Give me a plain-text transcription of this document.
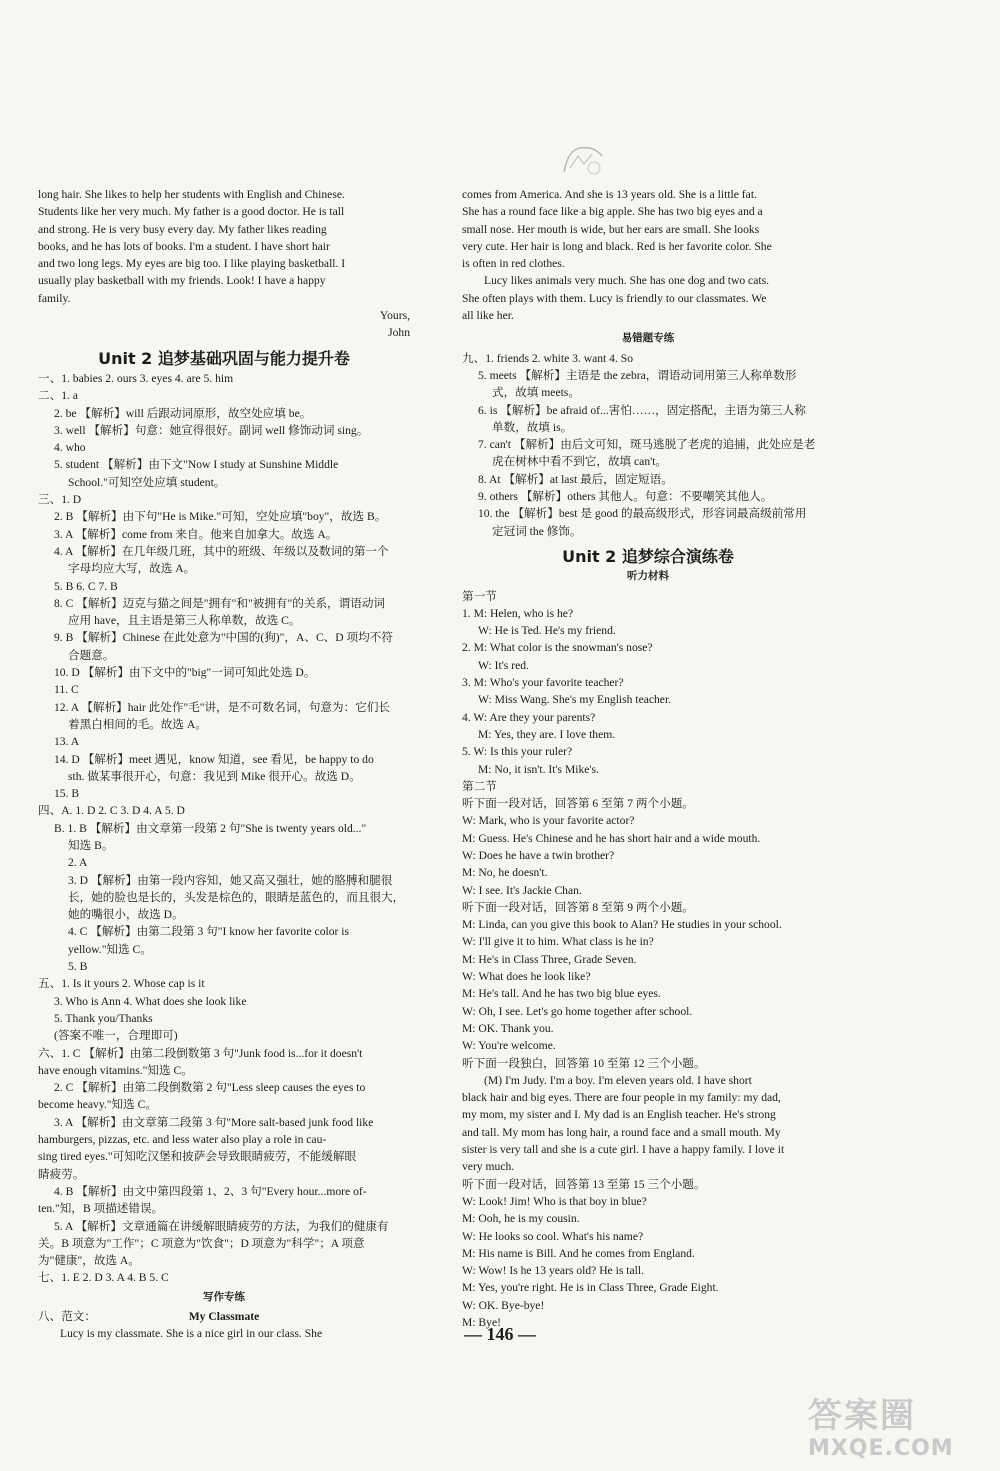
long hair. She likes to help her students with English and Chinese.
Students like her very much. My father is a good doctor. He is tall
and strong. He is very busy every day. My father likes reading
books, and he has lots of books. I'm a student. I have short hair
and two long legs. My eyes are big too. I like playing basketball. I
usually play basketball with my friends. Look! I have a happy
family.
Yours,
John
Unit 2 追梦基础巩固与能力提升卷
一、1. babies 2. ours 3. eyes 4. are 5. him
二、1. a
2. be 【解析】will 后跟动词原形，故空处应填 be。
3. well 【解析】句意：她宣得很好。副词 well 修饰动词 sing。
4. who
5. student 【解析】由下文"Now I study at Sunshine Middle
School."可知空处应填 student。
三、1. D
2. B 【解析】由下句"He is Mike."可知，空处应填"boy"，故选 B。
3. A 【解析】come from 来自。他来自加拿大。故选 A。
4. A 【解析】在几年级几班，其中的班级、年级以及数词的第一个
字母均应大写，故选 A。
5. B 6. C 7. B
8. C 【解析】迈克与猫之间是"拥有"和"被拥有"的关系，谓语动词
应用 have，且主语是第三人称单数，故选 C。
9. B 【解析】Chinese 在此处意为"中国的(狗)"，A、C、D 项均不符
合题意。
10. D 【解析】由下文中的"big"一词可知此处选 D。
11. C
12. A 【解析】hair 此处作"毛"讲，是不可数名词，句意为：它们长
着黑白相间的毛。故选 A。
13. A
14. D 【解析】meet 遇见，know 知道，see 看见，be happy to do
sth. 做某事很开心，句意：我见到 Mike 很开心。故选 D。
15. B
四、A. 1. D 2. C 3. D 4. A 5. D
B. 1. B 【解析】由文章第一段第 2 句"She is twenty years old..."
知选 B。
2. A
3. D 【解析】由第一段内容知，她又高又强壮，她的胳膊和腿很
长，她的脸也是长的，头发是棕色的，眼睛是蓝色的，而且很大，
她的嘴很小，故选 D。
4. C 【解析】由第二段第 3 句"I know her favorite color is
yellow."知选 C。
5. B
五、1. Is it yours 2. Whose cap is it
3. Who is Ann 4. What does she look like
5. Thank you/Thanks
(答案不唯一，合理即可)
六、1. C 【解析】由第二段倒数第 3 句"Junk food is...for it doesn't
have enough vitamins."知选 C。
2. C 【解析】由第二段倒数第 2 句"Less sleep causes the eyes to
become heavy."知选 C。
3. A 【解析】由文章第二段第 3 句"More salt-based junk food like
hamburgers, pizzas, etc. and less water also play a role in cau-
sing tired eyes."可知吃汉堡和披萨会导致眼睛疲劳，不能缓解眼
睛疲劳。
4. B 【解析】由文中第四段第 1、2、3 句"Every hour...more of-
ten."知，B 项描述错误。
5. A 【解析】文章通篇在讲缓解眼睛疲劳的方法，为我们的健康有
关。B 项意为"工作"；C 项意为"饮食"；D 项意为"科学"；A 项意
为"健康"，故选 A。
七、1. E 2. D 3. A 4. B 5. C
写作专练
八、范文：	My Classmate
Lucy is my classmate. She is a nice girl in our class. She
comes from America. And she is 13 years old. She is a little fat.
She has a round face like a big apple. She has two big eyes and a
small nose. Her mouth is wide, but her ears are small. She looks
very cute. Her hair is long and black. Red is her favorite color. She
is often in red clothes.
Lucy likes animals very much. She has one dog and two cats.
She often plays with them. Lucy is friendly to our classmates. We
all like her.
易错题专练
九、1. friends 2. white 3. want 4. So
5. meets 【解析】主语是 the zebra，谓语动词用第三人称单数形
式，故填 meets。
6. is 【解析】be afraid of...害怕……，固定搭配，主语为第三人称
单数，故填 is。
7. can't 【解析】由后文可知，斑马逃脱了老虎的追捕，此处应是老
虎在树林中看不到它，故填 can't。
8. At 【解析】at last 最后，固定短语。
9. others 【解析】others 其他人。句意：不要嘲笑其他人。
10. the 【解析】best 是 good 的最高级形式，形容词最高级前常用
定冠词 the 修饰。
Unit 2 追梦综合演练卷
听力材料
第一节
1. M: Helen, who is he?
W: He is Ted. He's my friend.
2. M: What color is the snowman's nose?
W: It's red.
3. M: Who's your favorite teacher?
W: Miss Wang. She's my English teacher.
4. W: Are they your parents?
M: Yes, they are. I love them.
5. W: Is this your ruler?
M: No, it isn't. It's Mike's.
第二节
听下面一段对话，回答第 6 至第 7 两个小题。
W: Mark, who is your favorite actor?
M: Guess. He's Chinese and he has short hair and a wide mouth.
W: Does he have a twin brother?
M: No, he doesn't.
W: I see. It's Jackie Chan.
听下面一段对话，回答第 8 至第 9 两个小题。
M: Linda, can you give this book to Alan? He studies in your school.
W: I'll give it to him. What class is he in?
M: He's in Class Three, Grade Seven.
W: What does he look like?
M: He's tall. And he has two big blue eyes.
W: Oh, I see. Let's go home together after school.
M: OK. Thank you.
W: You're welcome.
听下面一段独白，回答第 10 至第 12 三个小题。
(M) I'm Judy. I'm a boy. I'm eleven years old. I have short
black hair and big eyes. There are four people in my family: my dad,
my mom, my sister and I. My dad is an English teacher. He's strong
and tall. My mom has long hair, a round face and a small mouth. My
sister is very tall and she is a cute girl. I have a happy family. I love it
very much.
听下面一段对话，回答第 13 至第 15 三个小题。
W: Look! Jim! Who is that boy in blue?
M: Ooh, he is my cousin.
W: He looks so cool. What's his name?
M: His name is Bill. And he comes from England.
W: Wow! Is he 13 years old? He is tall.
M: Yes, you're right. He is in Class Three, Grade Eight.
W: OK. Bye-bye!
M: Bye!
— 146 —
答案圈
MXQE.COM
